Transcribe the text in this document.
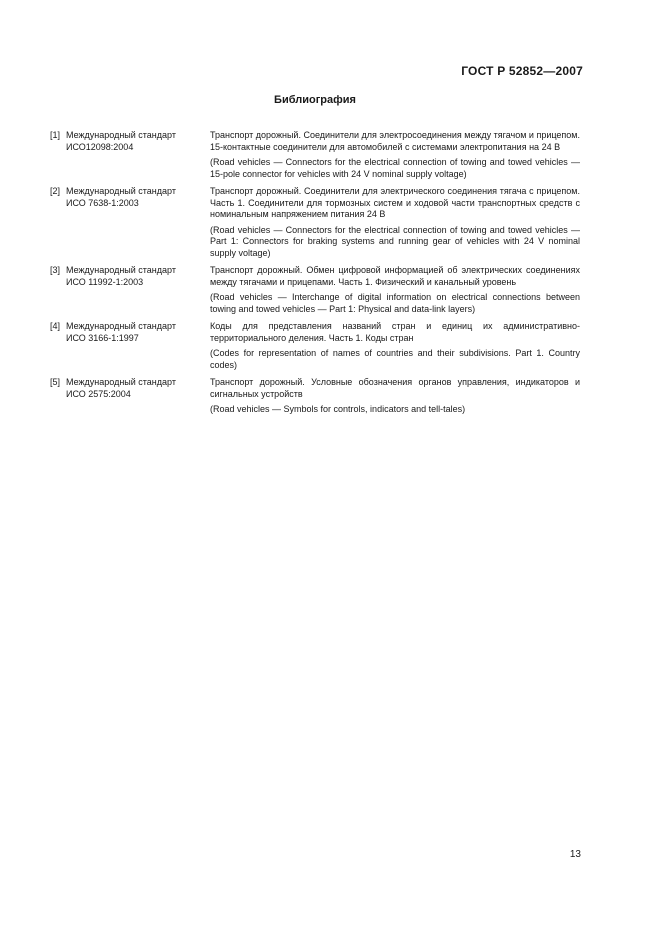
ГОСТ Р 52852—2007
Библиография
[1] Международный стандарт
ИСО12098:2004
Транспорт дорожный. Соединители для электросоединения между тягачом и прицепом. 15-контактные соединители для автомобилей с системами электропитания на 24 В
(Road vehicles — Connectors for the electrical connection of towing and towed vehicles — 15-pole connector for vehicles with 24 V nominal supply voltage)
[2] Международный стандарт
ИСО 7638-1:2003
Транспорт дорожный. Соединители для электрического соединения тягача с прицепом. Часть 1. Соединители для тормозных систем и ходовой части транспортных средств с номинальным напряжением питания 24 В
(Road vehicles — Connectors for the electrical connection of towing and towed vehicles — Part 1: Connectors for braking systems and running gear of vehicles with 24 V nominal supply voltage)
[3] Международный стандарт
ИСО 11992-1:2003
Транспорт дорожный. Обмен цифровой информацией об электрических соединениях между тягачами и прицепами. Часть 1. Физический и канальный уровень
(Road vehicles — Interchange of digital information on electrical connections between towing and towed vehicles — Part 1: Physical and data-link layers)
[4] Международный стандарт
ИСО 3166-1:1997
Коды для представления названий стран и единиц их административно-территориального деления. Часть 1. Коды стран
(Codes for representation of names of countries and their subdivisions. Part 1. Country codes)
[5] Международный стандарт
ИСО 2575:2004
Транспорт дорожный. Условные обозначения органов управления, индикаторов и сигнальных устройств
(Road vehicles — Symbols for controls, indicators and tell-tales)
13
